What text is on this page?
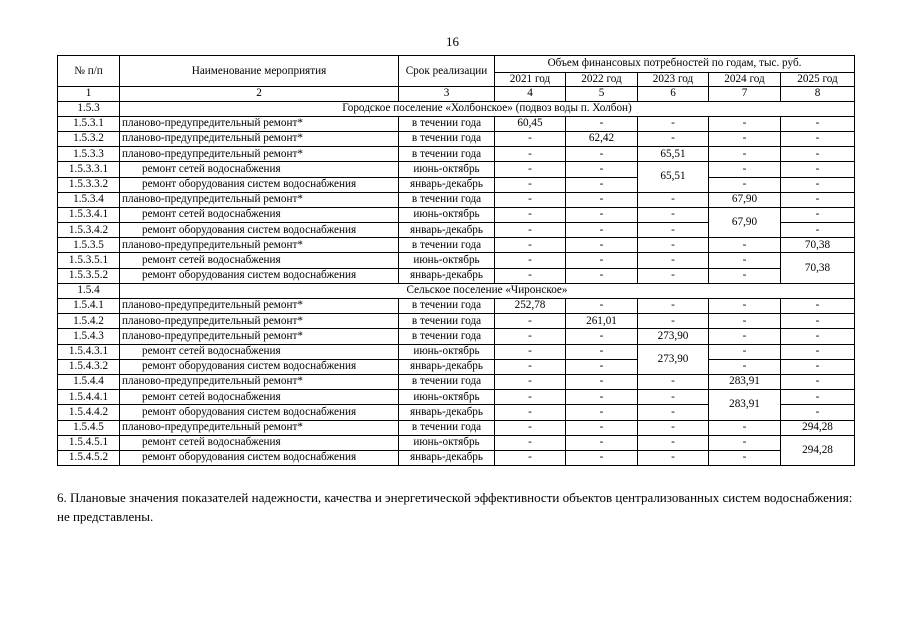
16
№ п/п	Наименование мероприятия	Срок реализации	Объем финансовых потребностей по годам, тыс. руб.				
			2021 год	2022 год	2023 год	2024 год	2025 год
1	2	3	4	5	6	7	8
1.5.3	Городское поселение «Холбонское» (подвоз воды п. Холбон)						
1.5.3.1	планово-предупредительный ремонт*	в течении года	60,45	-	-	-	-
1.5.3.2	планово-предупредительный ремонт*	в течении года	-	62,42	-	-	-
1.5.3.3	планово-предупредительный ремонт*	в течении года	-	-	65,51	-	-
1.5.3.3.1	ремонт сетей водоснабжения	июнь-октябрь	-	-	65,51	-	-
1.5.3.3.2	ремонт оборудования систем водоснабжения	январь-декабрь	-	-		-	-
1.5.3.4	планово-предупредительный ремонт*	в течении года	-	-	-	67,90	-
1.5.3.4.1	ремонт сетей водоснабжения	июнь-октябрь	-	-	-	67,90	-
1.5.3.4.2	ремонт оборудования систем водоснабжения	январь-декабрь	-	-	-		-
1.5.3.5	планово-предупредительный ремонт*	в течении года	-	-	-	-	70,38
1.5.3.5.1	ремонт сетей водоснабжения	июнь-октябрь	-	-	-	-	70,38
1.5.3.5.2	ремонт оборудования систем водоснабжения	январь-декабрь	-	-	-	-	
1.5.4	Сельское поселение «Чиронское»						
1.5.4.1	планово-предупредительный ремонт*	в течении года	252,78	-	-	-	-
1.5.4.2	планово-предупредительный ремонт*	в течении года	-	261,01	-	-	-
1.5.4.3	планово-предупредительный ремонт*	в течении года	-	-	273,90	-	-
1.5.4.3.1	ремонт сетей водоснабжения	июнь-октябрь	-	-	273,90	-	-
1.5.4.3.2	ремонт оборудования систем водоснабжения	январь-декабрь	-	-		-	-
1.5.4.4	планово-предупредительный ремонт*	в течении года	-	-	-	283,91	-
1.5.4.4.1	ремонт сетей водоснабжения	июнь-октябрь	-	-	-	283,91	-
1.5.4.4.2	ремонт оборудования систем водоснабжения	январь-декабрь	-	-	-		-
1.5.4.5	планово-предупредительный ремонт*	в течении года	-	-	-	-	294,28
1.5.4.5.1	ремонт сетей водоснабжения	июнь-октябрь	-	-	-	-	294,28
1.5.4.5.2	ремонт оборудования систем водоснабжения	январь-декабрь	-	-	-	-	
6. Плановые значения показателей надежности, качества и энергетической эффективности объектов централизованных систем водоснабжения: не представлены.
